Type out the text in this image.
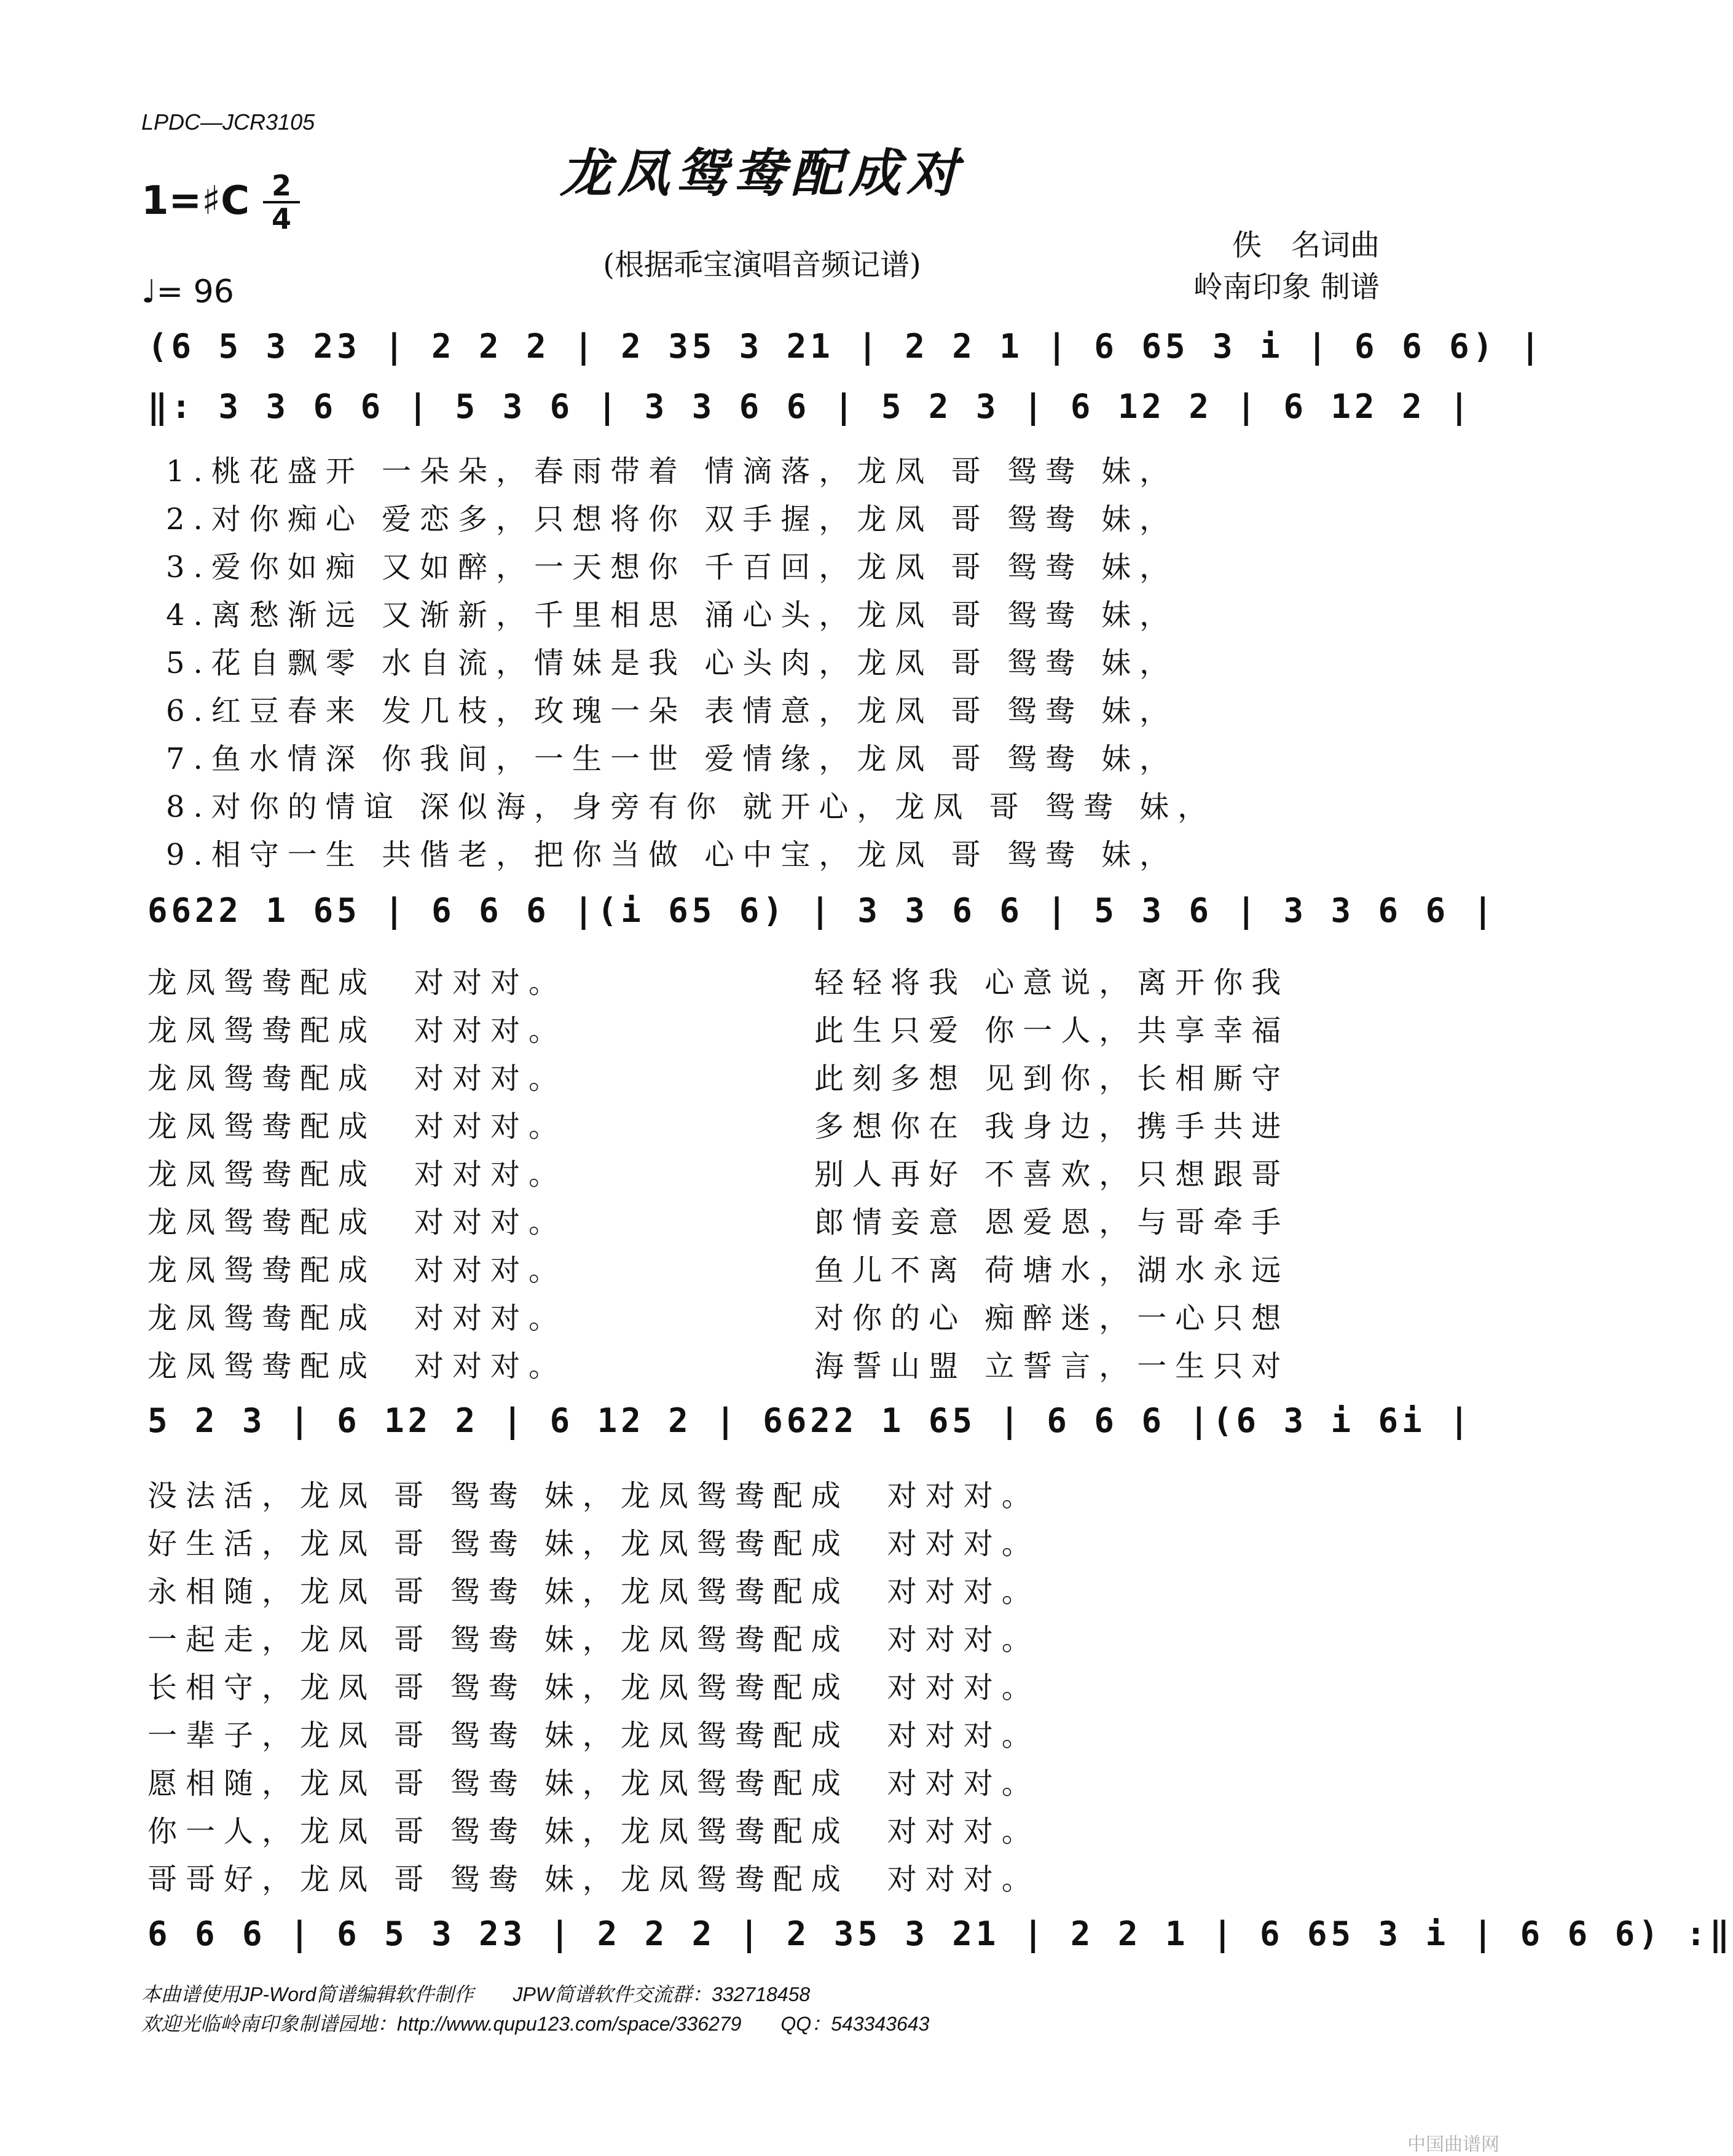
LPDC—JCR3105
龙凤鸳鸯配成对
1=♯C 2
4
(根据乖宝演唱音频记谱)
佚　名词曲
岭南印象 制谱
♩= 96
(6 5 3 23 | 2 2 2 | 2 35 3 21 | 2 2 1 | 6 65 3 i | 6 6 6) |
‖: 3 3 6 6 | 5 3 6 | 3 3 6 6 | 5 2 3 | 6 12 2 | 6 12 2 |
1.桃花盛开 一朵朵，春雨带着 情滴落，龙凤 哥 鸳鸯 妹，
2.对你痴心 爱恋多，只想将你 双手握，龙凤 哥 鸳鸯 妹，
3.爱你如痴 又如醉，一天想你 千百回，龙凤 哥 鸳鸯 妹，
4.离愁渐远 又渐新，千里相思 涌心头，龙凤 哥 鸳鸯 妹，
5.花自飘零 水自流，情妹是我 心头肉，龙凤 哥 鸳鸯 妹，
6.红豆春来 发几枝，玫瑰一朵 表情意，龙凤 哥 鸳鸯 妹，
7.鱼水情深 你我间，一生一世 爱情缘，龙凤 哥 鸳鸯 妹，
8.对你的情谊 深似海，身旁有你 就开心，龙凤 哥 鸳鸯 妹，
9.相守一生 共偕老，把你当做 心中宝，龙凤 哥 鸳鸯 妹，
6622 1 65 | 6 6 6 |(i 65 6) | 3 3 6 6 | 5 3 6 | 3 3 6 6 |
龙凤鸳鸯配成　对对对。
龙凤鸳鸯配成　对对对。
龙凤鸳鸯配成　对对对。
龙凤鸳鸯配成　对对对。
龙凤鸳鸯配成　对对对。
龙凤鸳鸯配成　对对对。
龙凤鸳鸯配成　对对对。
龙凤鸳鸯配成　对对对。
龙凤鸳鸯配成　对对对。
轻轻将我 心意说，离开你我
此生只爱 你一人，共享幸福
此刻多想 见到你，长相厮守
多想你在 我身边，携手共进
别人再好 不喜欢，只想跟哥
郎情妾意 恩爱恩，与哥牵手
鱼儿不离 荷塘水，湖水永远
对你的心 痴醉迷，一心只想
海誓山盟 立誓言，一生只对
5 2 3 | 6 12 2 | 6 12 2 | 6622 1 65 | 6 6 6 |(6 3 i 6i |
没法活，龙凤 哥 鸳鸯 妹，龙凤鸳鸯配成　对对对。
好生活，龙凤 哥 鸳鸯 妹，龙凤鸳鸯配成　对对对。
永相随，龙凤 哥 鸳鸯 妹，龙凤鸳鸯配成　对对对。
一起走，龙凤 哥 鸳鸯 妹，龙凤鸳鸯配成　对对对。
长相守，龙凤 哥 鸳鸯 妹，龙凤鸳鸯配成　对对对。
一辈子，龙凤 哥 鸳鸯 妹，龙凤鸳鸯配成　对对对。
愿相随，龙凤 哥 鸳鸯 妹，龙凤鸳鸯配成　对对对。
你一人，龙凤 哥 鸳鸯 妹，龙凤鸳鸯配成　对对对。
哥哥好，龙凤 哥 鸳鸯 妹，龙凤鸳鸯配成　对对对。
6 6 6 | 6 5 3 23 | 2 2 2 | 2 35 3 21 | 2 2 1 | 6 65 3 i | 6 6 6) :‖
本曲谱使用JP-Word简谱编辑软件制作　　JPW简谱软件交流群：332718458
欢迎光临岭南印象制谱园地：http://www.qupu123.com/space/336279　　QQ：543343643
中国曲谱网
